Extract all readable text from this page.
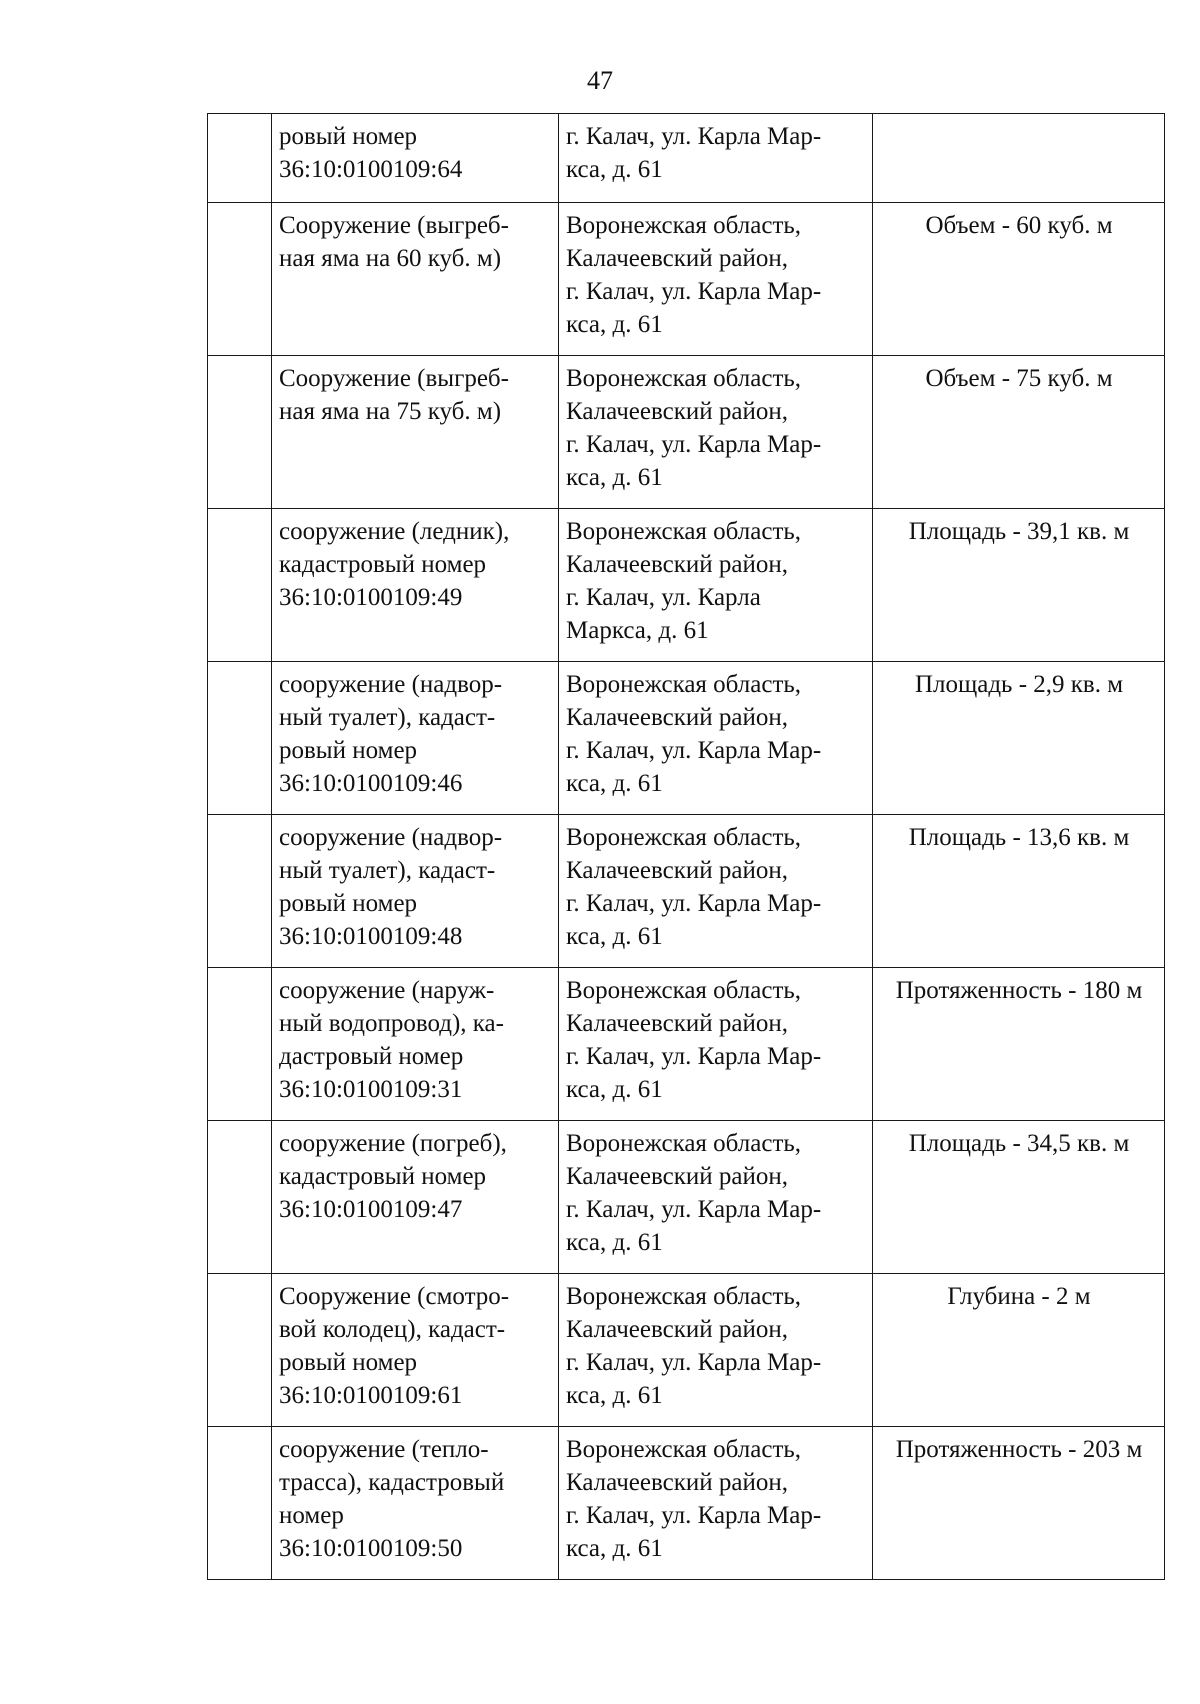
47
	ровый номер
36:10:0100109:64	г. Калач, ул. Карла Мар-
кса, д. 61	
	Сооружение (выгреб-
ная яма на 60 куб. м)	Воронежская область,
Калачеевский район,
г. Калач, ул. Карла Мар-
кса, д. 61	Объем - 60 куб. м
	Сооружение (выгреб-
ная яма на 75 куб. м)	Воронежская область,
Калачеевский район,
г. Калач, ул. Карла Мар-
кса, д. 61	Объем - 75 куб. м
	сооружение (ледник),
кадастровый номер
36:10:0100109:49	Воронежская область,
Калачеевский район,
г. Калач, ул. Карла
Маркса, д. 61	Площадь - 39,1 кв. м
	сооружение (надвор-
ный туалет), кадаст-
ровый номер
36:10:0100109:46	Воронежская область,
Калачеевский район,
г. Калач, ул. Карла Мар-
кса, д. 61	Площадь - 2,9 кв. м
	сооружение (надвор-
ный туалет), кадаст-
ровый номер
36:10:0100109:48	Воронежская область,
Калачеевский район,
г. Калач, ул. Карла Мар-
кса, д. 61	Площадь - 13,6 кв. м
	сооружение (наруж-
ный водопровод), ка-
дастровый номер
36:10:0100109:31	Воронежская область,
Калачеевский район,
г. Калач, ул. Карла Мар-
кса, д. 61	Протяженность - 180 м
	сооружение (погреб),
кадастровый номер
36:10:0100109:47	Воронежская область,
Калачеевский район,
г. Калач, ул. Карла Мар-
кса, д. 61	Площадь - 34,5 кв. м
	Сооружение (смотро-
вой колодец), кадаст-
ровый номер
36:10:0100109:61	Воронежская область,
Калачеевский район,
г. Калач, ул. Карла Мар-
кса, д. 61	Глубина - 2 м
	сооружение (тепло-
трасса), кадастровый
номер
36:10:0100109:50	Воронежская область,
Калачеевский район,
г. Калач, ул. Карла Мар-
кса, д. 61	Протяженность - 203 м
